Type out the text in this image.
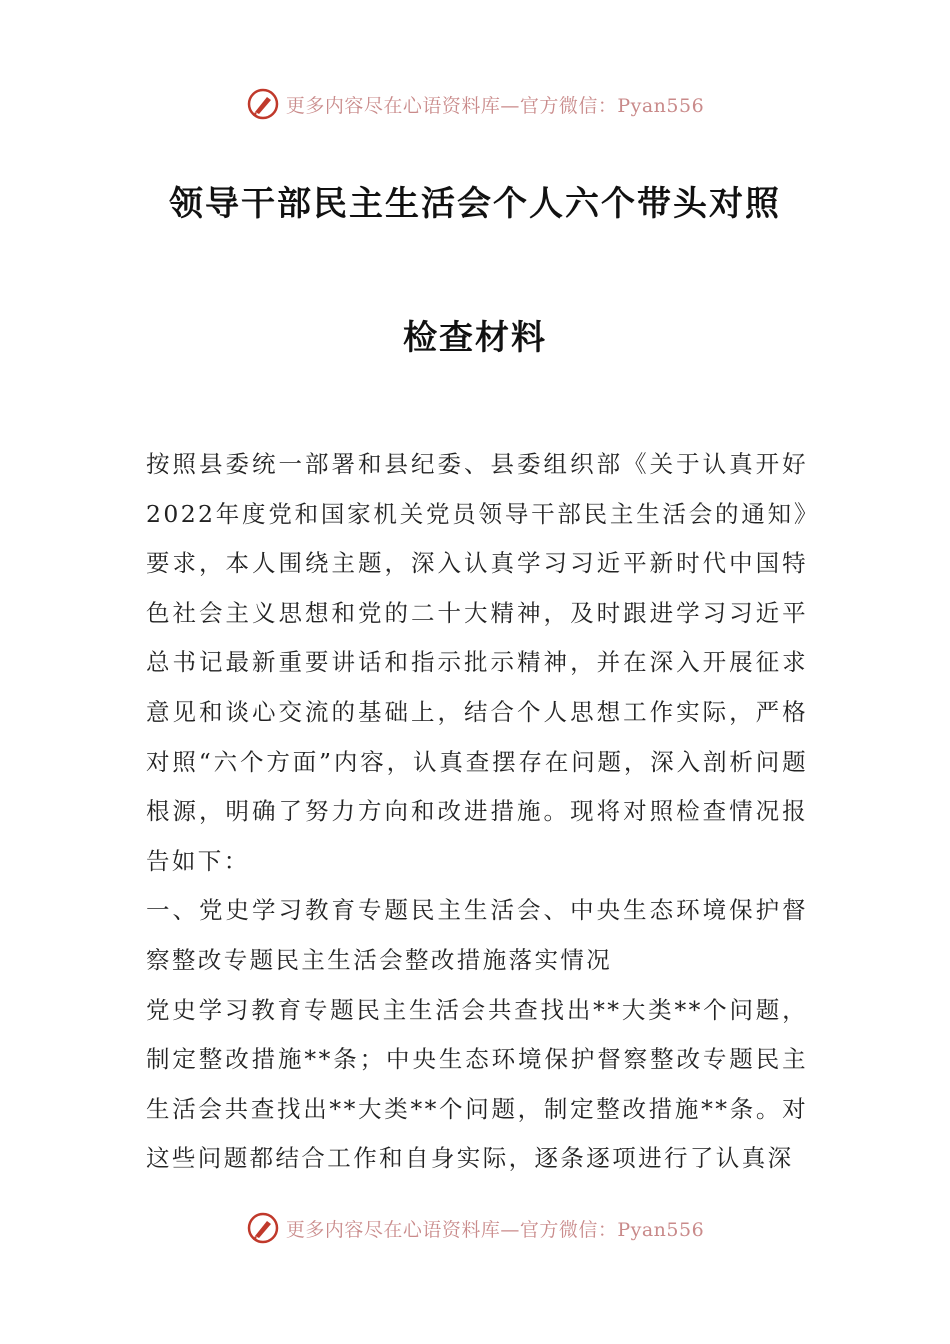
更多内容尽在心语资料库—官方微信：Pyan556
领导干部民主生活会个人六个带头对照
检查材料

按照县委统一部署和县纪委、县委组织部《关于认真开好2022年度党和国家机关党员领导干部民主生活会的通知》要求，本人围绕主题，深入认真学习习近平新时代中国特色社会主义思想和党的二十大精神，及时跟进学习习近平总书记最新重要讲话和指示批示精神，并在深入开展征求意见和谈心交流的基础上，结合个人思想工作实际，严格对照“六个方面”内容，认真查摆存在问题，深入剖析问题根源，明确了努力方向和改进措施。现将对照检查情况报告如下：

一、党史学习教育专题民主生活会、中央生态环境保护督察整改专题民主生活会整改措施落实情况

党史学习教育专题民主生活会共查找出**大类**个问题，制定整改措施**条；中央生态环境保护督察整改专题民主生活会共查找出**大类**个问题，制定整改措施**条。对这些问题都结合工作和自身实际，逐条逐项进行了认真深

更多内容尽在心语资料库—官方微信：Pyan556
